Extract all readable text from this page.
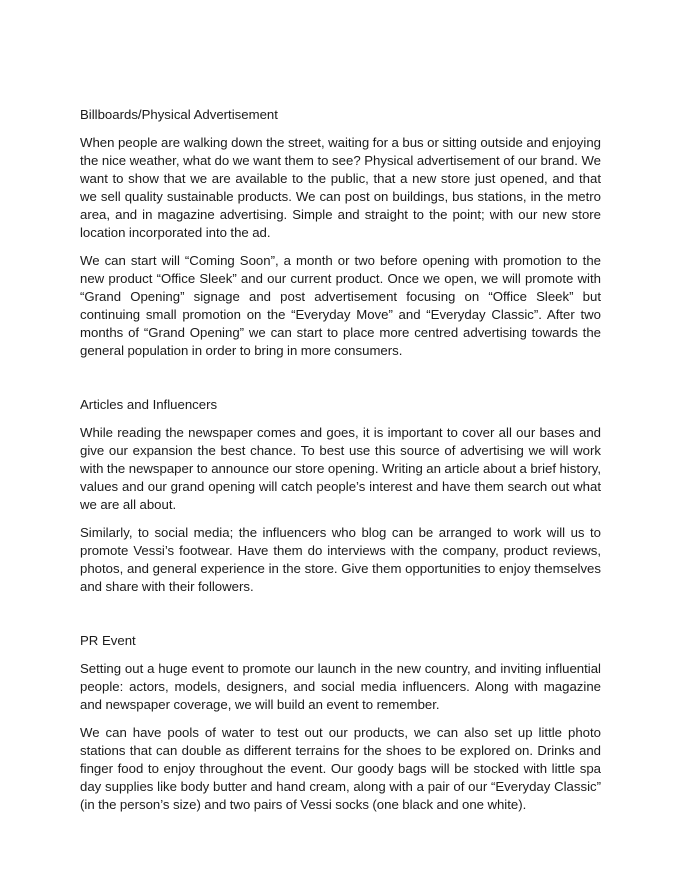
Billboards/Physical Advertisement

When people are walking down the street, waiting for a bus or sitting outside and enjoying the nice weather, what do we want them to see? Physical advertisement of our brand. We want to show that we are available to the public, that a new store just opened, and that we sell quality sustainable products. We can post on buildings, bus stations, in the metro area, and in magazine advertising. Simple and straight to the point; with our new store location incorporated into the ad.

We can start will “Coming Soon”, a month or two before opening with promotion to the new product “Office Sleek” and our current product. Once we open, we will promote with “Grand Opening” signage and post advertisement focusing on “Office Sleek” but continuing small promotion on the “Everyday Move” and “Everyday Classic”. After two months of “Grand Opening” we can start to place more centred advertising towards the general population in order to bring in more consumers.

Articles and Influencers

While reading the newspaper comes and goes, it is important to cover all our bases and give our expansion the best chance. To best use this source of advertising we will work with the newspaper to announce our store opening. Writing an article about a brief history, values and our grand opening will catch people’s interest and have them search out what we are all about.

Similarly, to social media; the influencers who blog can be arranged to work will us to promote Vessi’s footwear. Have them do interviews with the company, product reviews, photos, and general experience in the store. Give them opportunities to enjoy themselves and share with their followers.

PR Event

Setting out a huge event to promote our launch in the new country, and inviting influential people: actors, models, designers, and social media influencers. Along with magazine and newspaper coverage, we will build an event to remember.

We can have pools of water to test out our products, we can also set up little photo stations that can double as different terrains for the shoes to be explored on. Drinks and finger food to enjoy throughout the event. Our goody bags will be stocked with little spa day supplies like body butter and hand cream, along with a pair of our “Everyday Classic” (in the person’s size) and two pairs of Vessi socks (one black and one white).
